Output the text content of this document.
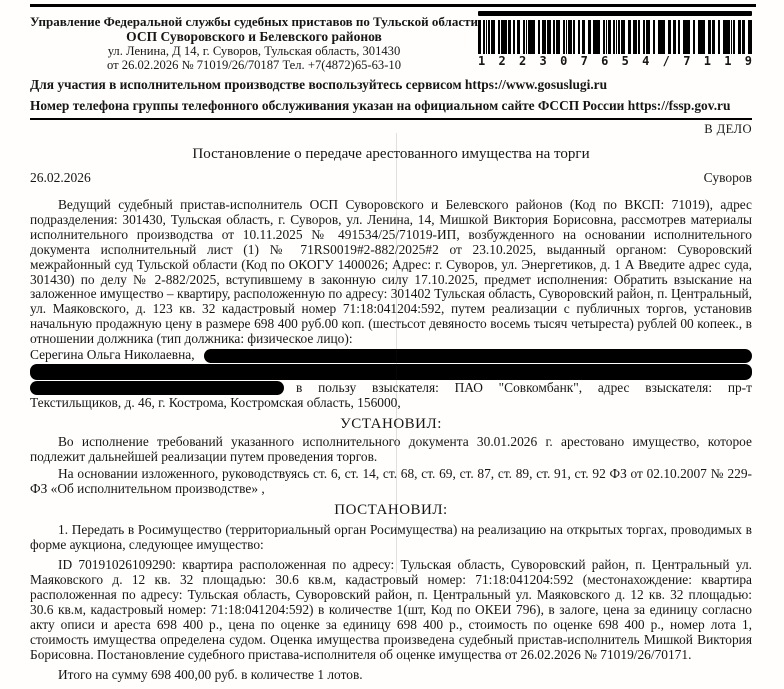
Управление Федеральной службы судебных приставов по Тульской области
ОСП Суворовского и Белевского районов
ул. Ленина, Д 14, г. Суворов, Тульская область, 301430
от 26.02.2026 № 71019/26/70187 Тел. +7(4872)65-63-10	1 2 2 3 0 7 6 5 4 / 7 1 1 9
Для участия в исполнительном производстве воспользуйтесь сервисом https://www.gosuslugi.ru
Номер телефона группы телефонного обслуживания указан на официальном сайте ФССП России https://fssp.gov.ru
В ДЕЛО
Постановление о передаче арестованного имущества на торги
26.02.2026	Суворов

Ведущий судебный пристав-исполнитель ОСП Суворовского и Белевского районов (Код по ВКСП: 71019), адрес подразделения: 301430, Тульская область, г. Суворов, ул. Ленина, 14, Мишкой Виктория Борисовна, рассмотрев материалы исполнительного производства от 10.11.2025 № 491534/25/71019-ИП, возбужденного на основании исполнительного документа исполнительный лист (1) № 71RS0019#2-882/2025#2 от 23.10.2025, выданный органом: Суворовский межрайонный суд Тульской области (Код по ОКОГУ 1400026; Адрес: г. Суворов, ул. Энергетиков, д. 1 А Введите адрес суда, 301430) по делу № 2-882/2025, вступившему в законную силу 17.10.2025, предмет исполнения: Обратить взыскание на заложенное имущество – квартиру, расположенную по адресу: 301402 Тульская область, Суворовский район, п. Центральный, ул. Маяковского, д. 123 кв. 32 кадастровый номер 71:18:041204:592, путем реализации с публичных торгов, установив начальную продажную цену в размере 698 400 руб.00 коп. (шестьсот девяносто восемь тысяч четыреста) рублей 00 копеек., в отношении должника (тип должника: физическое лицо):

Серегина Ольга Николаевна,
в пользу взыскателя: ПАО "Совкомбанк", адрес взыскателя: пр-т
Текстильщиков, д. 46, г. Кострома, Костромская область, 156000,
УСТАНОВИЛ:

Во исполнение требований указанного исполнительного документа 30.01.2026 г. арестовано имущество, которое подлежит дальнейшей реализации путем проведения торгов.

На основании изложенного, руководствуясь ст. 6, ст. 14, ст. 68, ст. 69, ст. 87, ст. 89, ст. 91, ст. 92 ФЗ от 02.10.2007 № 229-ФЗ «Об исполнительном производстве» ,

ПОСТАНОВИЛ:

1. Передать в Росимущество (территориальный орган Росимущества) на реализацию на открытых торгах, проводимых в форме аукциона, следующее имущество:

ID 70191026109290: квартира расположенная по адресу: Тульская область, Суворовский район, п. Центральный ул. Маяковского д. 12 кв. 32 площадью: 30.6 кв.м, кадастровый номер: 71:18:041204:592 (местонахождение: квартира расположенная по адресу: Тульская область, Суворовский район, п. Центральный ул. Маяковского д. 12 кв. 32 площадью: 30.6 кв.м, кадастровый номер: 71:18:041204:592) в количестве 1(шт, Код по ОКЕИ 796), в залоге, цена за единицу согласно акту описи и ареста 698 400 р., цена по оценке за единицу 698 400 р., стоимость по оценке 698 400 р., номер лота 1, стоимость имущества определена судом. Оценка имущества произведена судебный пристав-исполнитель Мишкой Виктория Борисовна. Постановление судебного пристава-исполнителя об оценке имущества от 26.02.2026 № 71019/26/70171.

Итого на сумму 698 400,00 руб. в количестве 1 лотов.
